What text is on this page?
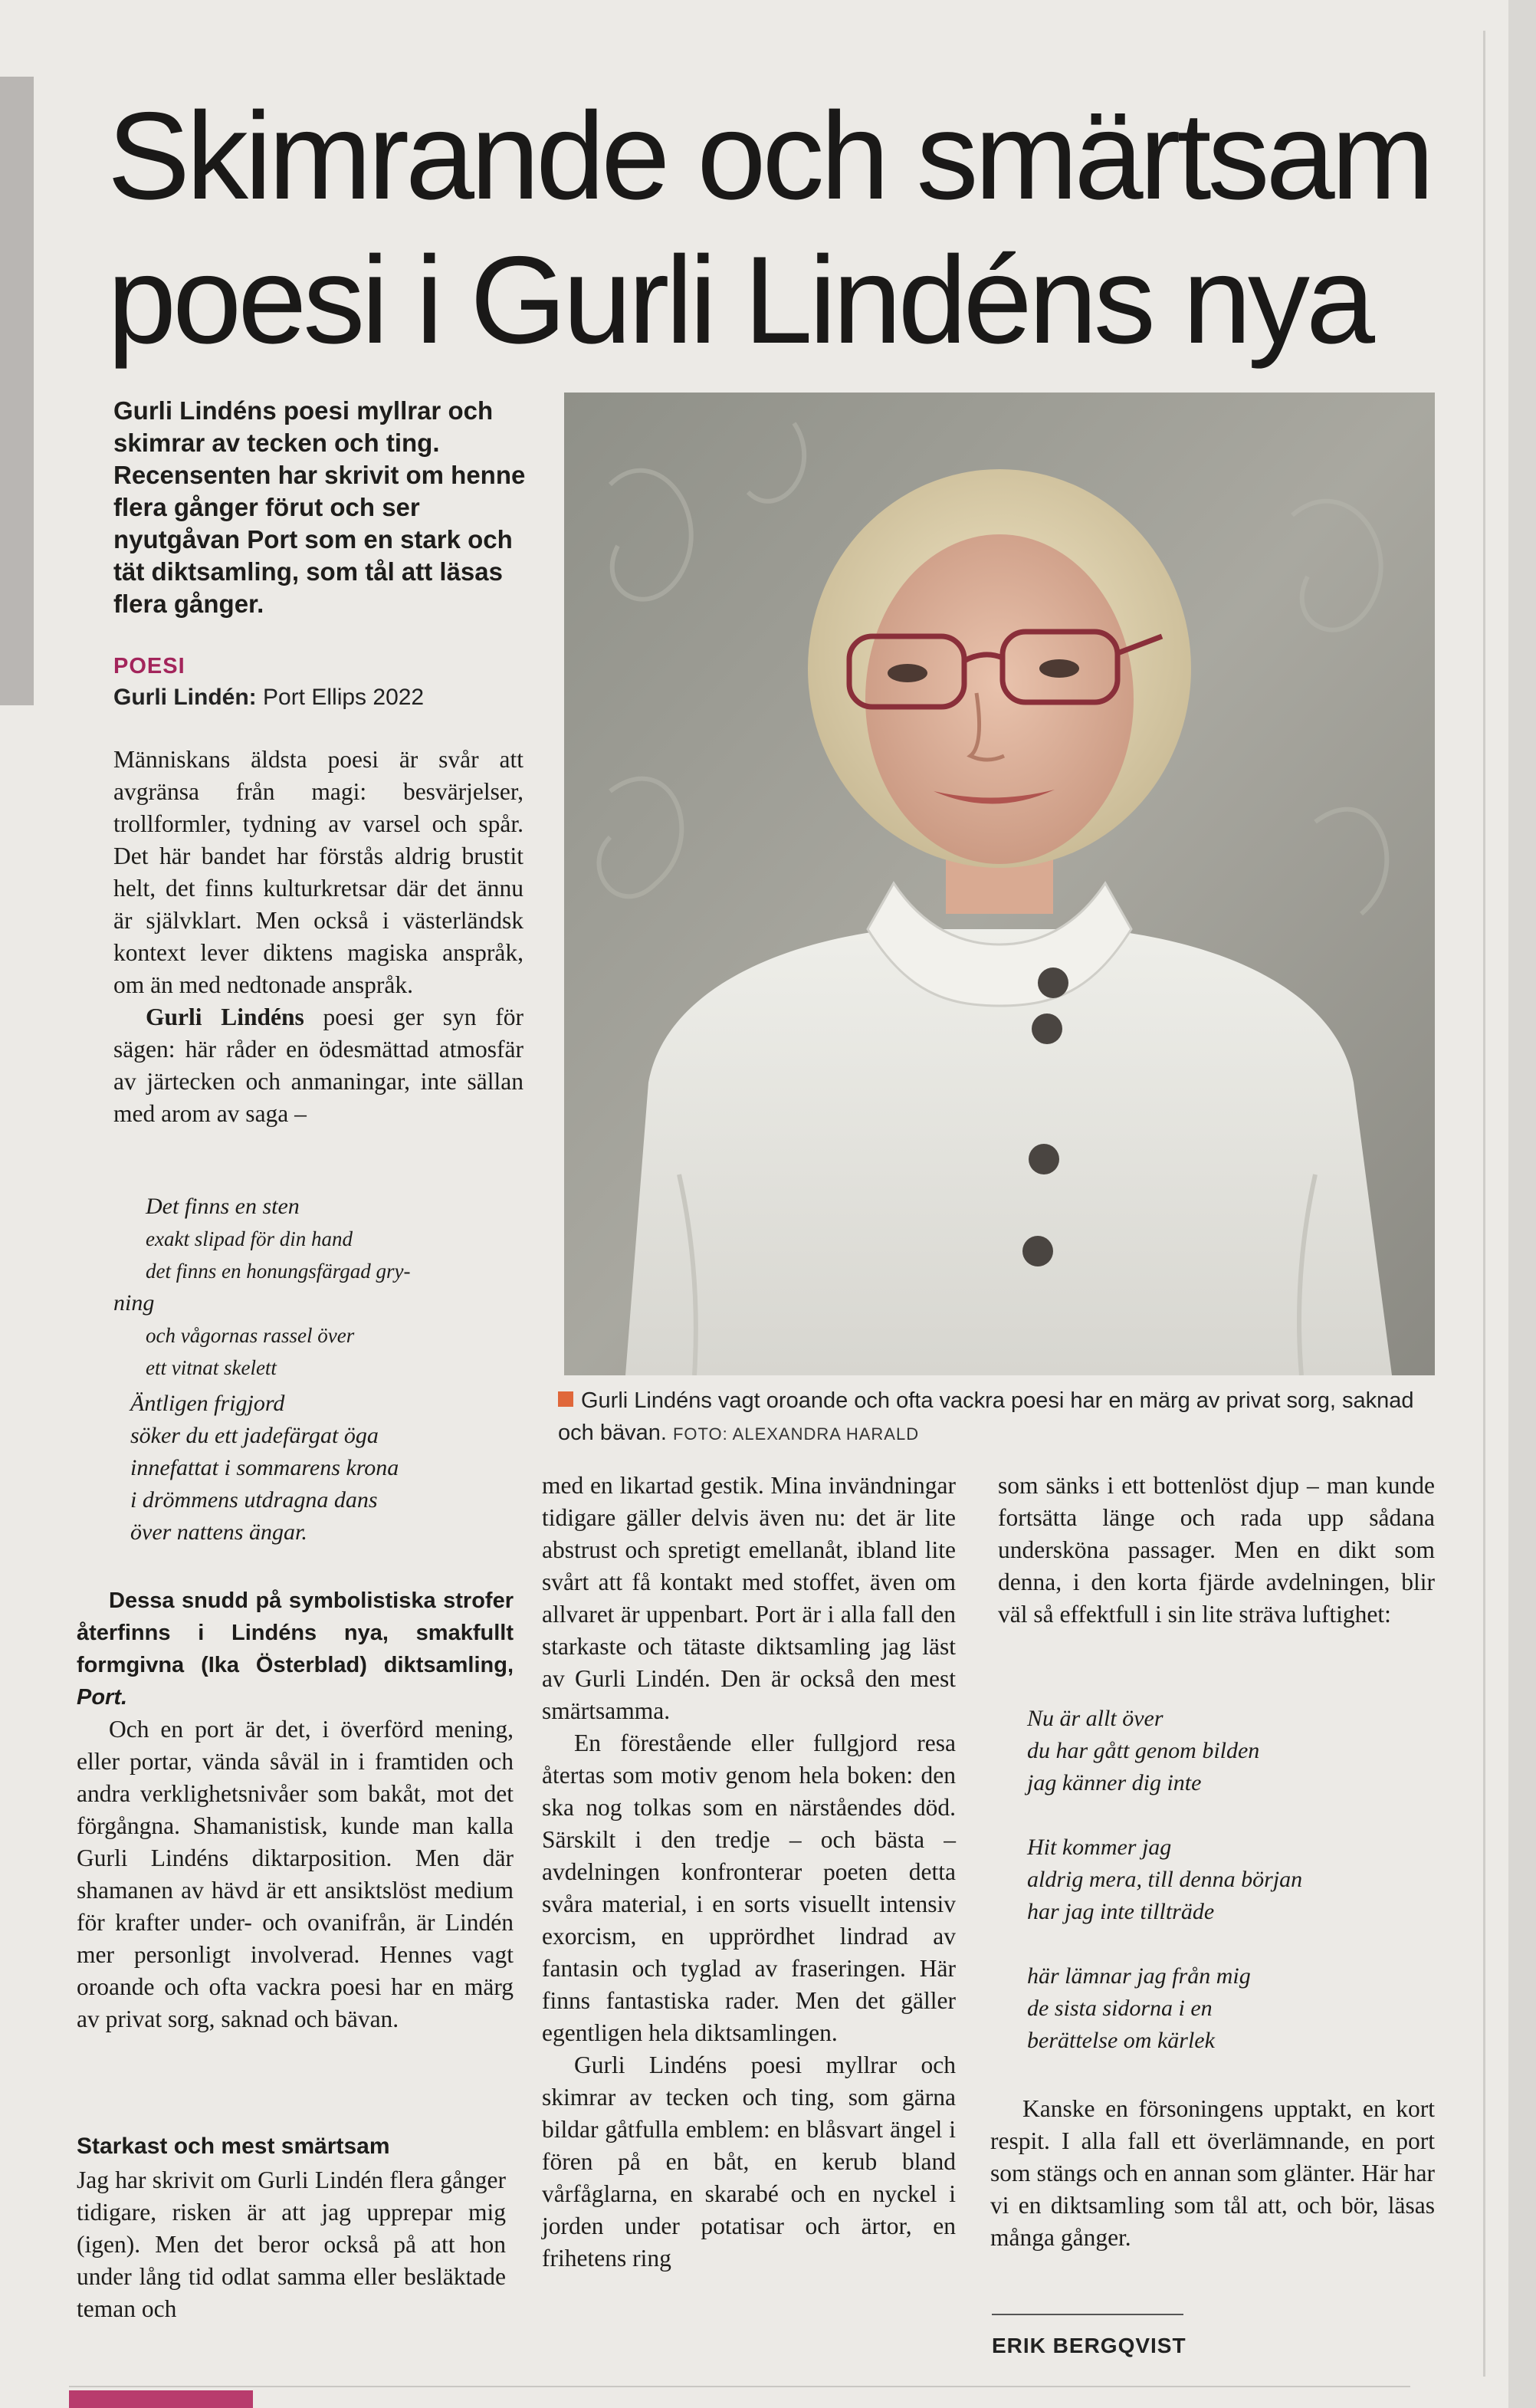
Skimrande och smärtsam
poesi i Gurli Lindéns nya

Gurli Lindéns poesi myllrar och skimrar av tecken och ting. Recensenten har skrivit om henne flera gånger förut och ser nyutgåvan Port som en stark och tät diktsamling, som tål att läsas flera gånger.

POESI
Gurli Lindén: Port Ellips 2022
Gurli Lindéns vagt oroande och ofta vackra poesi har en märg av privat sorg, saknad och bävan. FOTO: ALEXANDRA HARALD

Människans äldsta poesi är svår att avgränsa från magi: besvärjelser, trollformler, tydning av varsel och spår. Det här bandet har förstås aldrig brustit helt, det finns kulturkretsar där det ännu är självklart. Men också i västerländsk kontext lever diktens magiska anspråk, om än med nedtonade anspråk.

Gurli Lindéns poesi ger syn för sägen: här råder en ödesmättad atmosfär av järtecken och anmaningar, inte sällan med arom av saga –

Det finns en sten
exakt slipad för din hand
det finns en honungsfärgad gry-
ning
och vågornas rassel över
ett vitnat skelett
Äntligen frigjord
söker du ett jadefärgat öga
innefattat i sommarens krona
i drömmens utdragna dans
över nattens ängar.

Dessa snudd på symbolistiska strofer återfinns i Lindéns nya, smakfullt formgivna (Ika Österblad) diktsamling, Port.

Och en port är det, i överförd mening, eller portar, vända såväl in i framtiden och andra verklighetsnivåer som bakåt, mot det förgångna. Shamanistisk, kunde man kalla Gurli Lindéns diktarposition. Men där shamanen av hävd är ett ansiktslöst medium för krafter under- och ovanifrån, är Lindén mer personligt involverad. Hennes vagt oroande och ofta vackra poesi har en märg av privat sorg, saknad och bävan.

Starkast och mest smärtsam

Jag har skrivit om Gurli Lindén flera gånger tidigare, risken är att jag upprepar mig (igen). Men det beror också på att hon under lång tid odlat samma eller besläktade teman och

med en likartad gestik. Mina invändningar tidigare gäller delvis även nu: det är lite abstrust och spretigt emellanåt, ibland lite svårt att få kontakt med stoffet, även om allvaret är uppenbart. Port är i alla fall den starkaste och tätaste diktsamling jag läst av Gurli Lindén. Den är också den mest smärtsamma.

En förestående eller fullgjord resa återtas som motiv genom hela boken: den ska nog tolkas som en närståendes död. Särskilt i den tredje – och bästa – avdelningen konfronterar poeten detta svåra material, i en sorts visuellt intensiv exorcism, en upprördhet lindrad av fantasin och tyglad av fraseringen. Här finns fantastiska rader. Men det gäller egentligen hela diktsamlingen.

Gurli Lindéns poesi myllrar och skimrar av tecken och ting, som gärna bildar gåtfulla emblem: en blåsvart ängel i fören på en båt, en kerub bland vårfåglarna, en skarabé och en nyckel i jorden under potatisar och ärtor, en frihetens ring

som sänks i ett bottenlöst djup – man kunde fortsätta länge och rada upp sådana undersköna passager. Men en dikt som denna, i den korta fjärde avdelningen, blir väl så effektfull i sin lite sträva luftighet:

Nu är allt över
du har gått genom bilden
jag känner dig inte
Hit kommer jag
aldrig mera, till denna början
har jag inte tillträde
här lämnar jag från mig
de sista sidorna i en
berättelse om kärlek

Kanske en försoningens upptakt, en kort respit. I alla fall ett överlämnande, en port som stängs och en annan som glänter. Här har vi en diktsamling som tål att, och bör, läsas många gånger.

ERIK BERGQVIST
